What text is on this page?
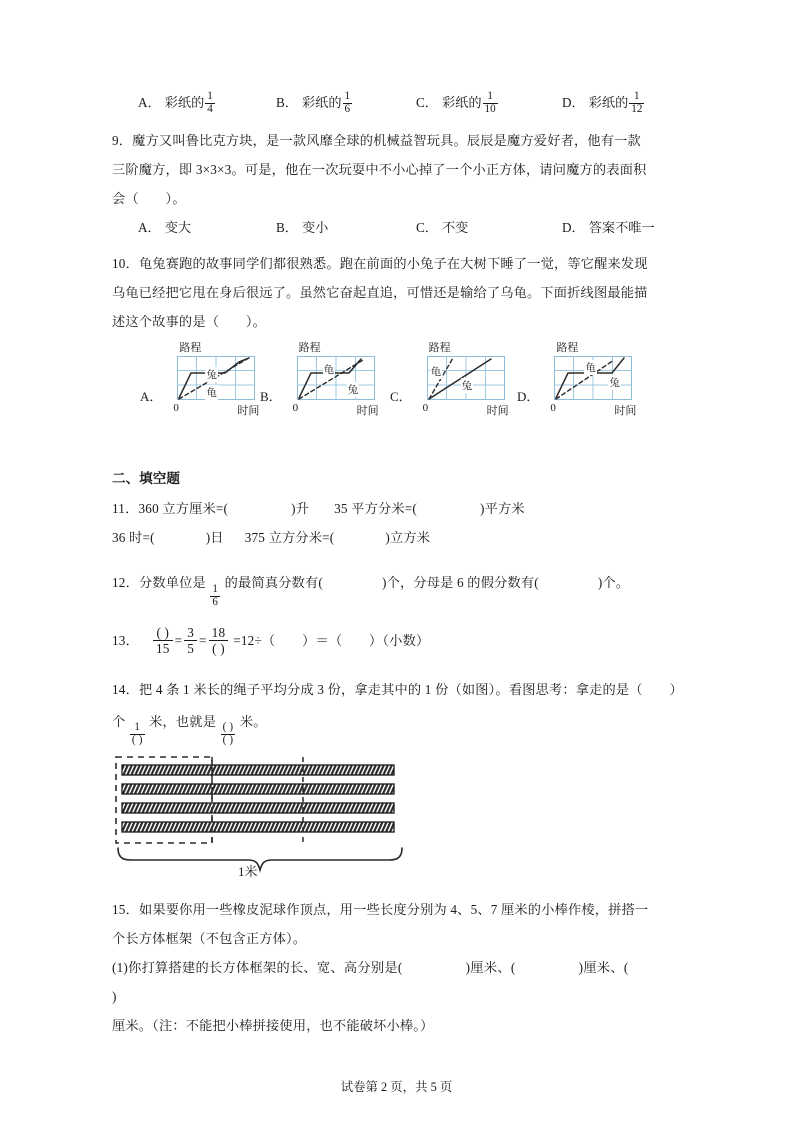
A． 彩纸的 $\frac{1}{4}$	B． 彩纸的 $\frac{1}{6}$	C． 彩纸的 $\frac{1}{10}$	D． 彩纸的 $\frac{1}{12}$
9．魔方又叫鲁比克方块，是一款风靡全球的机械益智玩具。辰辰是魔方爱好者，他有一款
三阶魔方，即 3×3×3。可是，他在一次玩耍中不小心掉了一个小正方体，请问魔方的表面积
会（　　）。
A． 变大	B． 变小	C． 不变	D． 答案不唯一
10．龟兔赛跑的故事同学们都很熟悉。跑在前面的小兔子在大树下睡了一觉，等它醒来发现
乌龟已经把它甩在身后很远了。虽然它奋起直追，可惜还是输给了乌龟。下面折线图最能描
述这个故事的是（　　）。
A．
路程
0	时间
兔
龟	B．
路程
0	时间
龟
兔 C．
路程
0	时间
龟
兔
D．
路程
0	时间
龟
兔
二、填空题
11．360 立方厘米=(	)升 35 平方分米=(	)平方米
36 时=(	)日 375 立方分米=(	)立方米
12．分数单位是
$\frac{1}{6}$
的最简真分数有(	)个，分母是 6 的假分数有(	)个。
13． $\frac{( )}{15} = \frac{3}{5} = \frac{18}{( )} =12\div$（　　）＝（　　）（小数）
14．把 4 条 1 米长的绳子平均分成 3 份，拿走其中的 1 份（如图）。看图思考：拿走的是（　　）
个
$\frac{1}{( )}$
米，也就是
$\frac{( )}{( )}$
米。
1米
15．如果要你用一些橡皮泥球作顶点，用一些长度分别为 4、5、7 厘米的小棒作棱，拼搭一
个长方体框架（不包含正方体）。
(1)你打算搭建的长方体框架的长、宽、高分别是(	)厘米、(	)厘米、(  )
厘米。（注：不能把小棒拼接使用，也不能破坏小棒。）
试卷第 2 页，共 5 页
